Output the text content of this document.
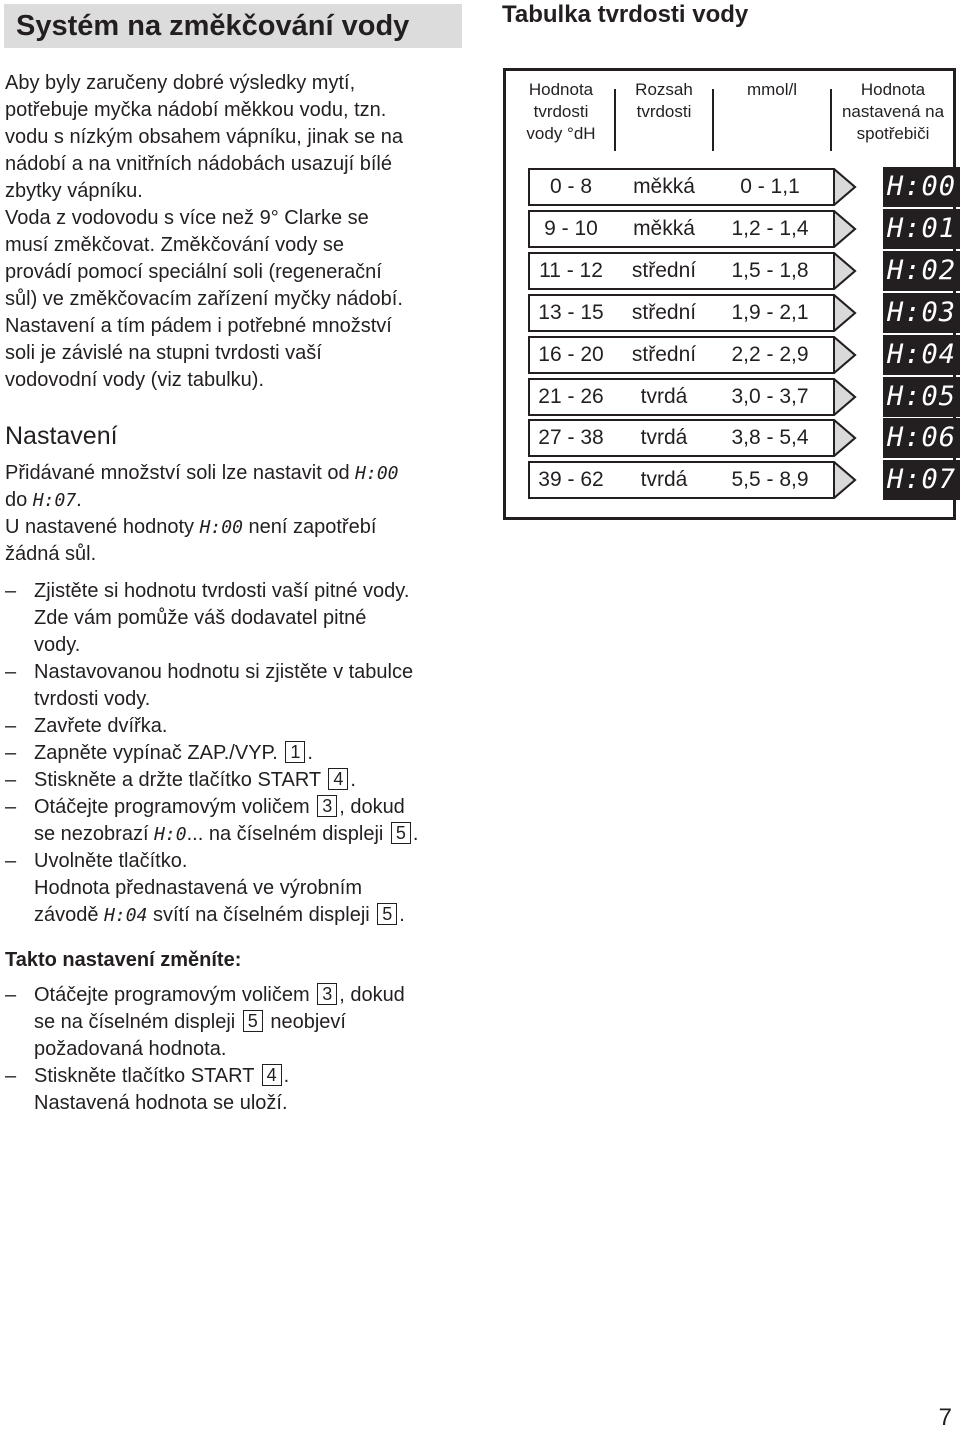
Systém na změkčování vody

Aby byly zaručeny dobré výsledky mytí,

potřebuje myčka nádobí měkkou vodu, tzn.

vodu s nízkým obsahem vápníku, jinak se na

nádobí a na vnitřních nádobách usazují bílé

zbytky vápníku.

Voda z vodovodu s více než 9° Clarke se

musí změkčovat. Změkčování vody se

provádí pomocí speciální soli (regenerační

sůl) ve změkčovacím zařízení myčky nádobí.

Nastavení a tím pádem i potřebné množství

soli je závislé na stupni tvrdosti vaší

vodovodní vody (viz tabulku).

Nastavení

Přidávané množství soli lze nastavit od H:00

do H:07.

U nastavené hodnoty H:00 není zapotřebí

žádná sůl.

– Zjistěte si hodnotu tvrdosti vaší pitné vody.
Zde vám pomůže váš dodavatel pitné
vody.
– Nastavovanou hodnotu si zjistěte v tabulce
tvrdosti vody.
– Zavřete dvířka.
– Zapněte vypínač ZAP./VYP. 1 .
– Stiskněte a držte tlačítko START 4 .
– Otáčejte programovým voličem 3 , dokud
se nezobrazí H:0... na číselném displeji 5 .
– Uvolněte tlačítko.
Hodnota přednastavená ve výrobním
závodě H:04 svítí na číselném displeji 5 .
Takto nastavení změníte:
– Otáčejte programovým voličem 3 , dokud
se na číselném displeji 5 neobjeví
požadovaná hodnota.
– Stiskněte tlačítko START 4 .
Nastavená hodnota se uloží.
Tabulka tvrdosti vody
Hodnota
tvrdosti
vody °dH
Rozsah
tvrdosti
mmol/l	Hodnota
nastavená na
spotřebiči
0 - 8	měkká	0 - 1,1	H:00
9 - 10	měkká	1,2 - 1,4	H:01
11 - 12	střední	1,5 - 1,8	H:02
13 - 15	střední	1,9 - 2,1	H:03
16 - 20	střední	2,2 - 2,9	H:04
21 - 26	tvrdá	3,0 - 3,7	H:05
27 - 38	tvrdá	3,8 - 5,4	H:06
39 - 62	tvrdá	5,5 - 8,9	H:07
7
